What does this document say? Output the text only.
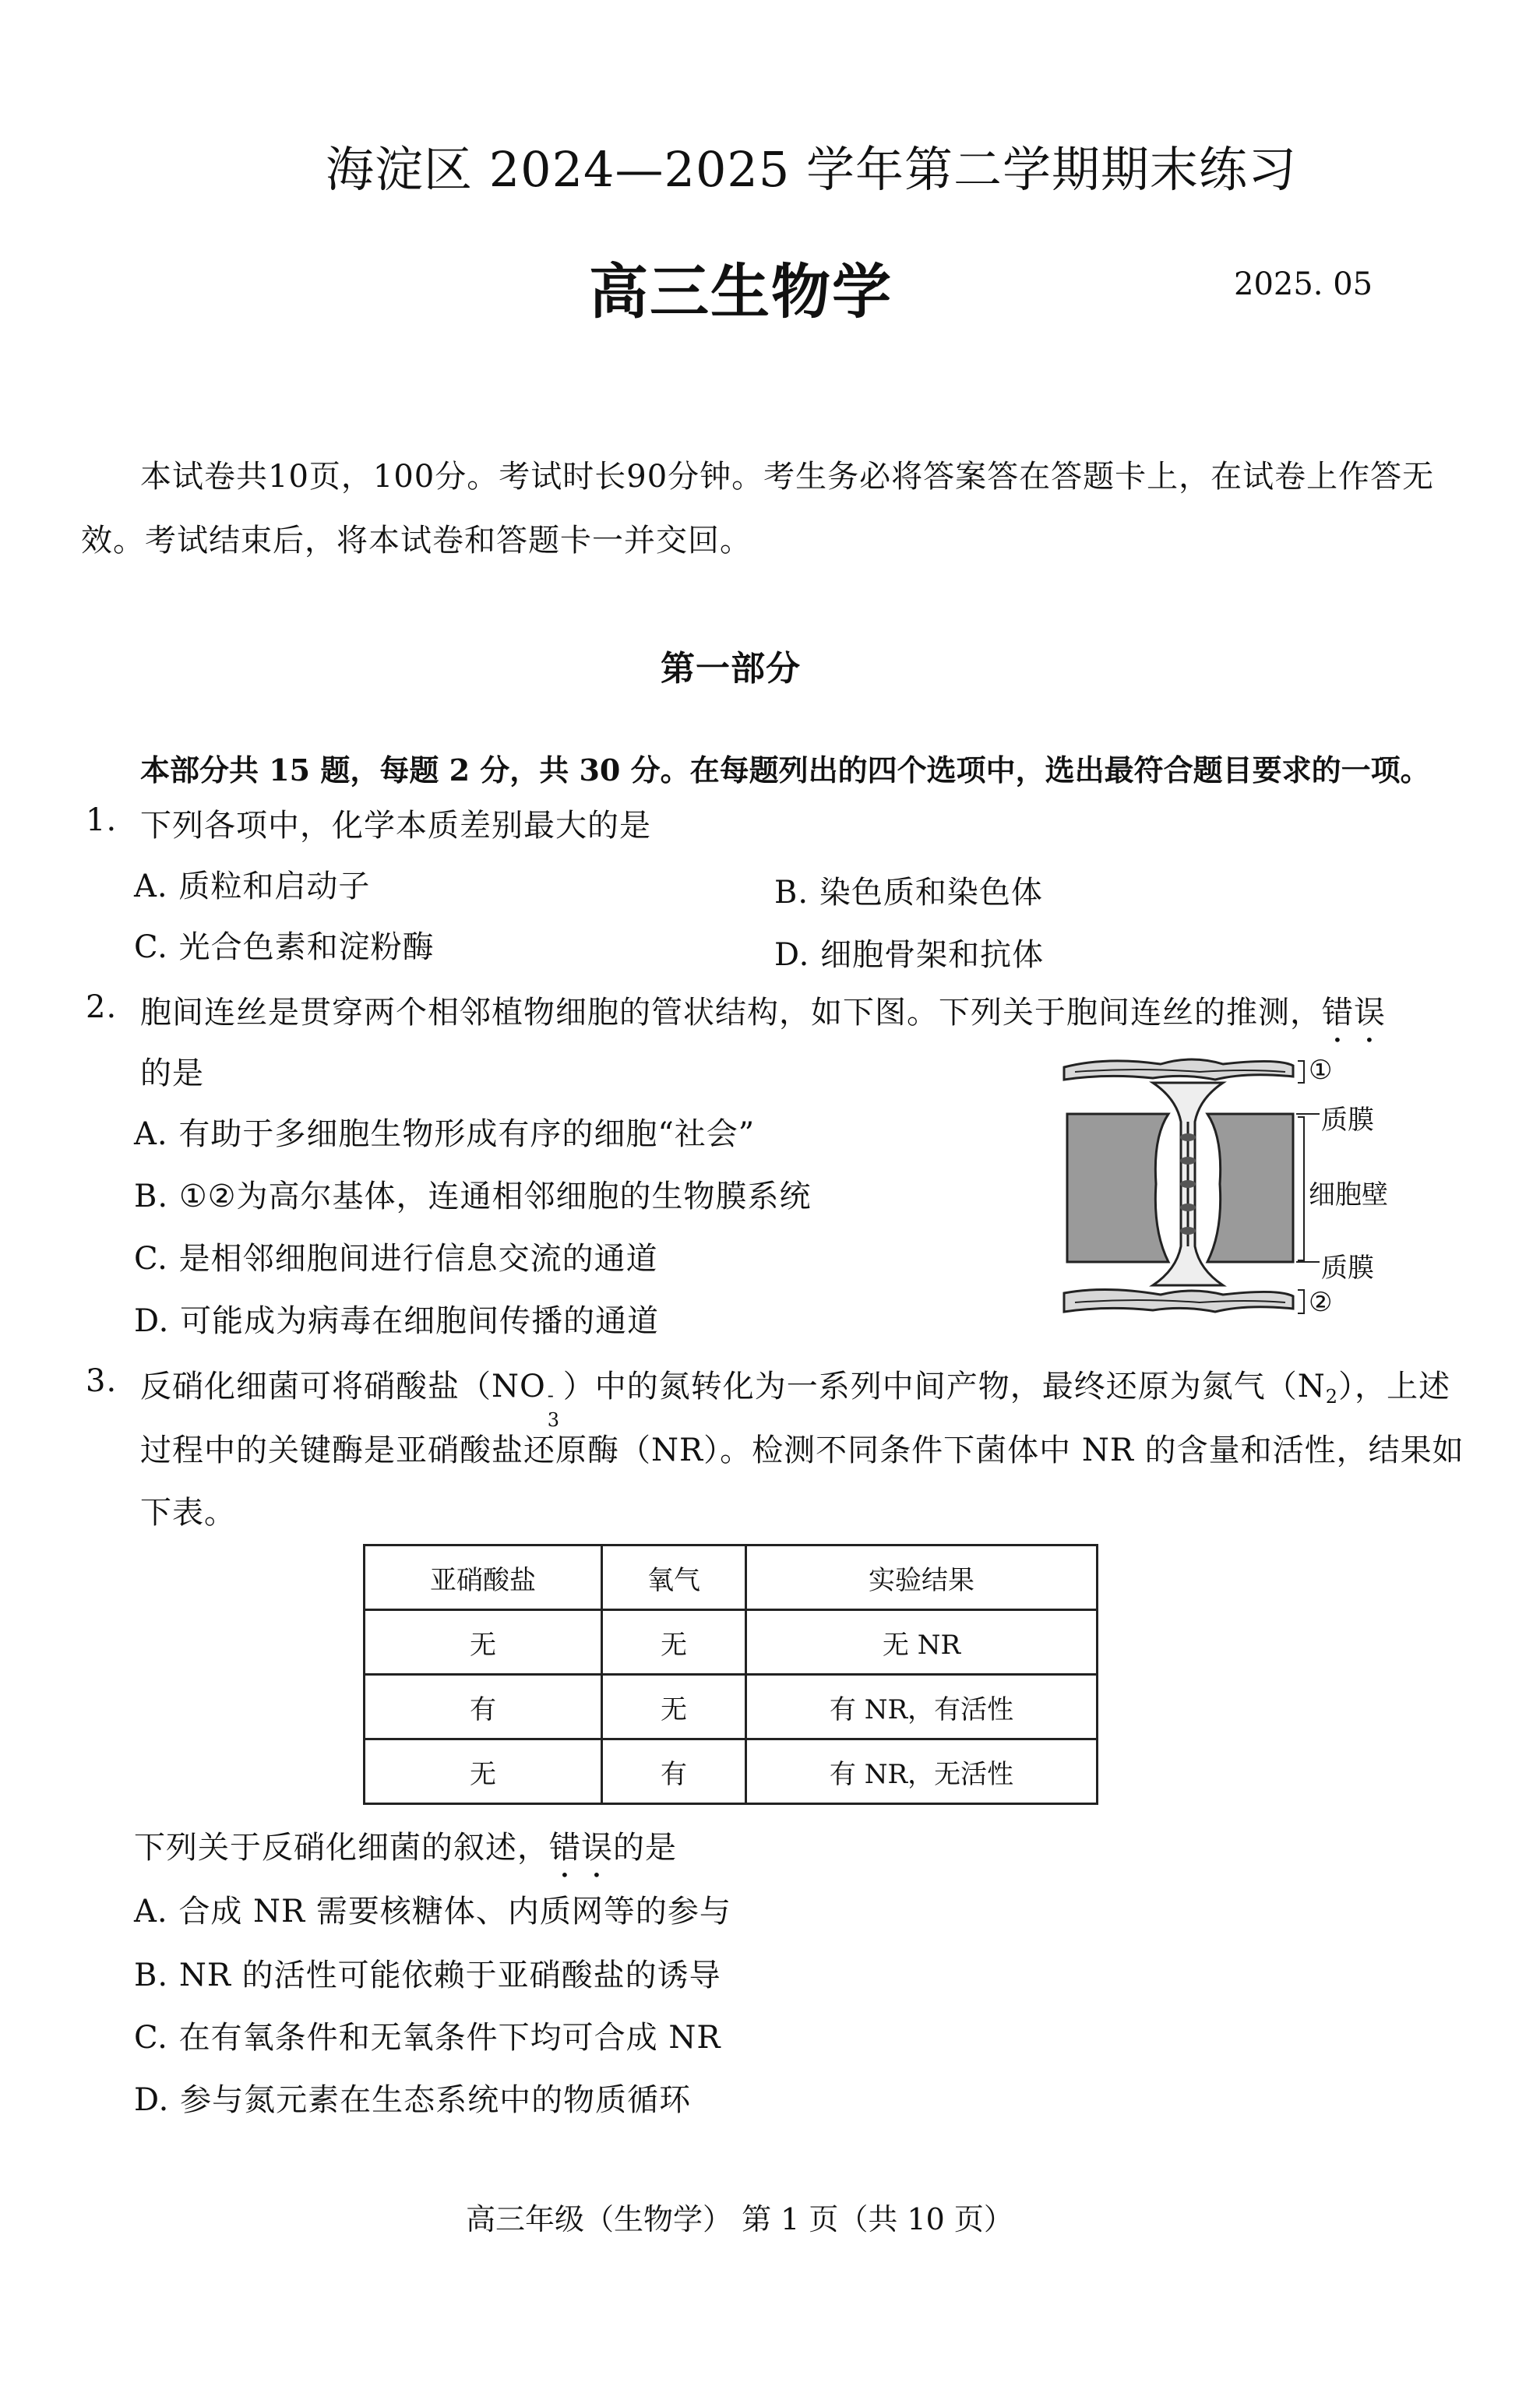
海淀区 2024—2025 学年第二学期期末练习
高三生物学	2025. 05
本试卷共10页，100分。考试时长90分钟。考生务必将答案答在答题卡上，在试卷上作答无
效。考试结束后，将本试卷和答题卡一并交回。
第一部分
本部分共 15 题，每题 2 分，共 30 分。在每题列出的四个选项中，选出最符合题目要求的一项。
1. 下列各项中，化学本质差别最大的是
A. 质粒和启动子	B. 染色质和染色体
C. 光合色素和淀粉酶	D. 细胞骨架和抗体
2. 胞间连丝是贯穿两个相邻植物细胞的管状结构，如下图。下列关于胞间连丝的推测，错误
的是
A. 有助于多细胞生物形成有序的细胞“社会”
B. ①②为高尔基体，连通相邻细胞的生物膜系统
C. 是相邻细胞间进行信息交流的通道
D. 可能成为病毒在细胞间传播的通道
①
质膜
细胞壁
质膜
②
3. 反硝化细菌可将硝酸盐（NO -
3
）中的氮转化为一系列中间产物，最终还原为氮气$(N_2)$，上述
过程中的关键酶是亚硝酸盐还原酶（NR）。检测不同条件下菌体中 NR 的含量和活性，结果如
下表。
亚硝酸盐	氧气	实验结果
无	无	无 NR
有	无	有 NR，有活性
无	有	有 NR，无活性
下列关于反硝化细菌的叙述，错误的是
A. 合成 NR 需要核糖体、内质网等的参与
B. NR 的活性可能依赖于亚硝酸盐的诱导
C. 在有氧条件和无氧条件下均可合成 NR
D. 参与氮元素在生态系统中的物质循环
高三年级（生物学） 第 1 页（共 10 页）
